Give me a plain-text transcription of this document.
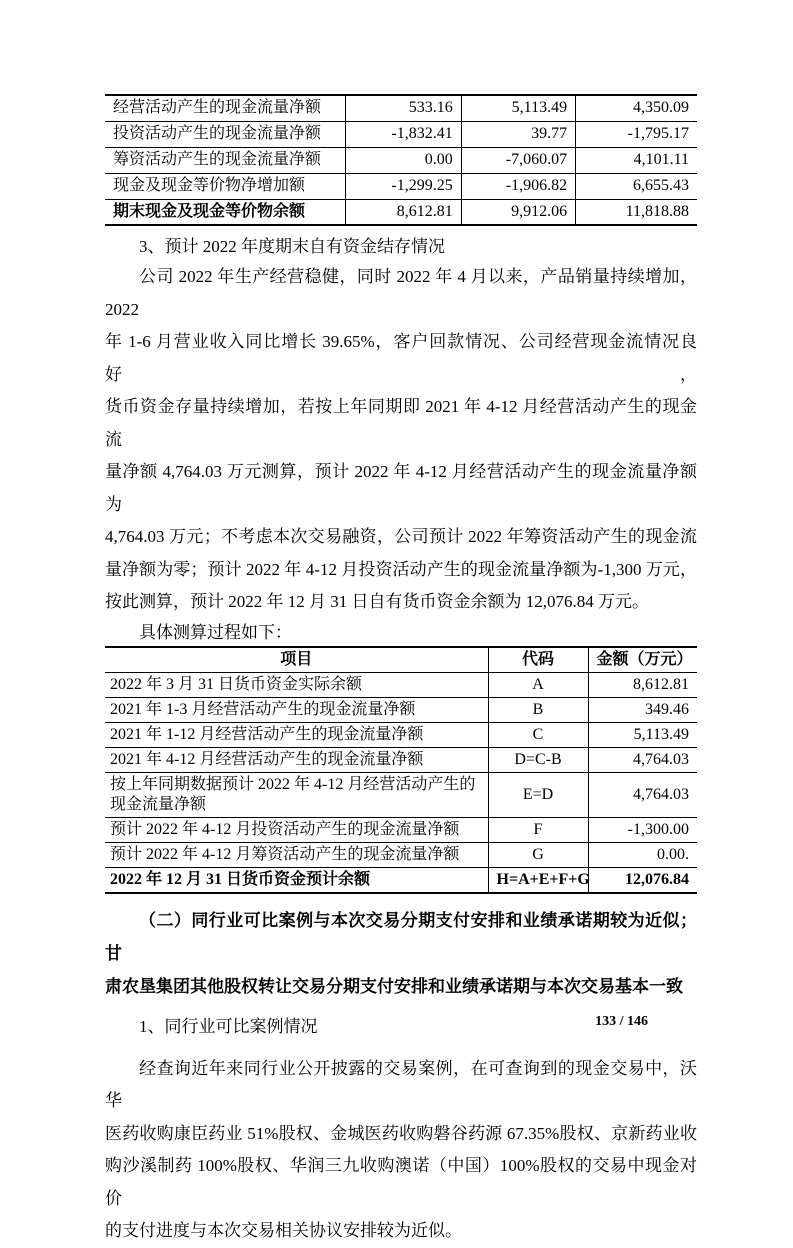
经营活动产生的现金流量净额	533.16	5,113.49	4,350.09
投资活动产生的现金流量净额	-1,832.41	39.77	-1,795.17
筹资活动产生的现金流量净额	0.00	-7,060.07	4,101.11
现金及现金等价物净增加额	-1,299.25	-1,906.82	6,655.43
期末现金及现金等价物余额	8,612.81	9,912.06	11,818.88
3、预计 2022 年度期末自有资金结存情况
公司 2022 年生产经营稳健，同时 2022 年 4 月以来，产品销量持续增加，2022
年 1-6 月营业收入同比增长 39.65%，客户回款情况、公司经营现金流情况良好，
货币资金存量持续增加，若按上年同期即 2021 年 4-12 月经营活动产生的现金流
量净额 4,764.03 万元测算，预计 2022 年 4-12 月经营活动产生的现金流量净额为
4,764.03 万元；不考虑本次交易融资，公司预计 2022 年筹资活动产生的现金流
量净额为零；预计 2022 年 4-12 月投资活动产生的现金流量净额为-1,300 万元，
按此测算，预计 2022 年 12 月 31 日自有货币资金余额为 12,076.84 万元。
具体测算过程如下：
项目	代码	金额（万元）
2022 年 3 月 31 日货币资金实际余额	A	8,612.81
2021 年 1-3 月经营活动产生的现金流量净额	B	349.46
2021 年 1-12 月经营活动产生的现金流量净额	C	5,113.49
2021 年 4-12 月经营活动产生的现金流量净额	D=C-B	4,764.03
按上年同期数据预计 2022 年 4-12 月经营活动产生的现金流量净额	E=D	4,764.03
预计 2022 年 4-12 月投资活动产生的现金流量净额	F	-1,300.00
预计 2022 年 4-12 月筹资活动产生的现金流量净额	G	0.00.
2022 年 12 月 31 日货币资金预计余额	H=A+E+F+G	12,076.84
（二）同行业可比案例与本次交易分期支付安排和业绩承诺期较为近似；甘
肃农垦集团其他股权转让交易分期支付安排和业绩承诺期与本次交易基本一致
1、同行业可比案例情况
经查询近年来同行业公开披露的交易案例，在可查询到的现金交易中，沃华
医药收购康臣药业 51%股权、金城医药收购磐谷药源 67.35%股权、京新药业收
购沙溪制药 100%股权、华润三九收购澳诺（中国）100%股权的交易中现金对价
的支付进度与本次交易相关协议安排较为近似。
133 / 146
